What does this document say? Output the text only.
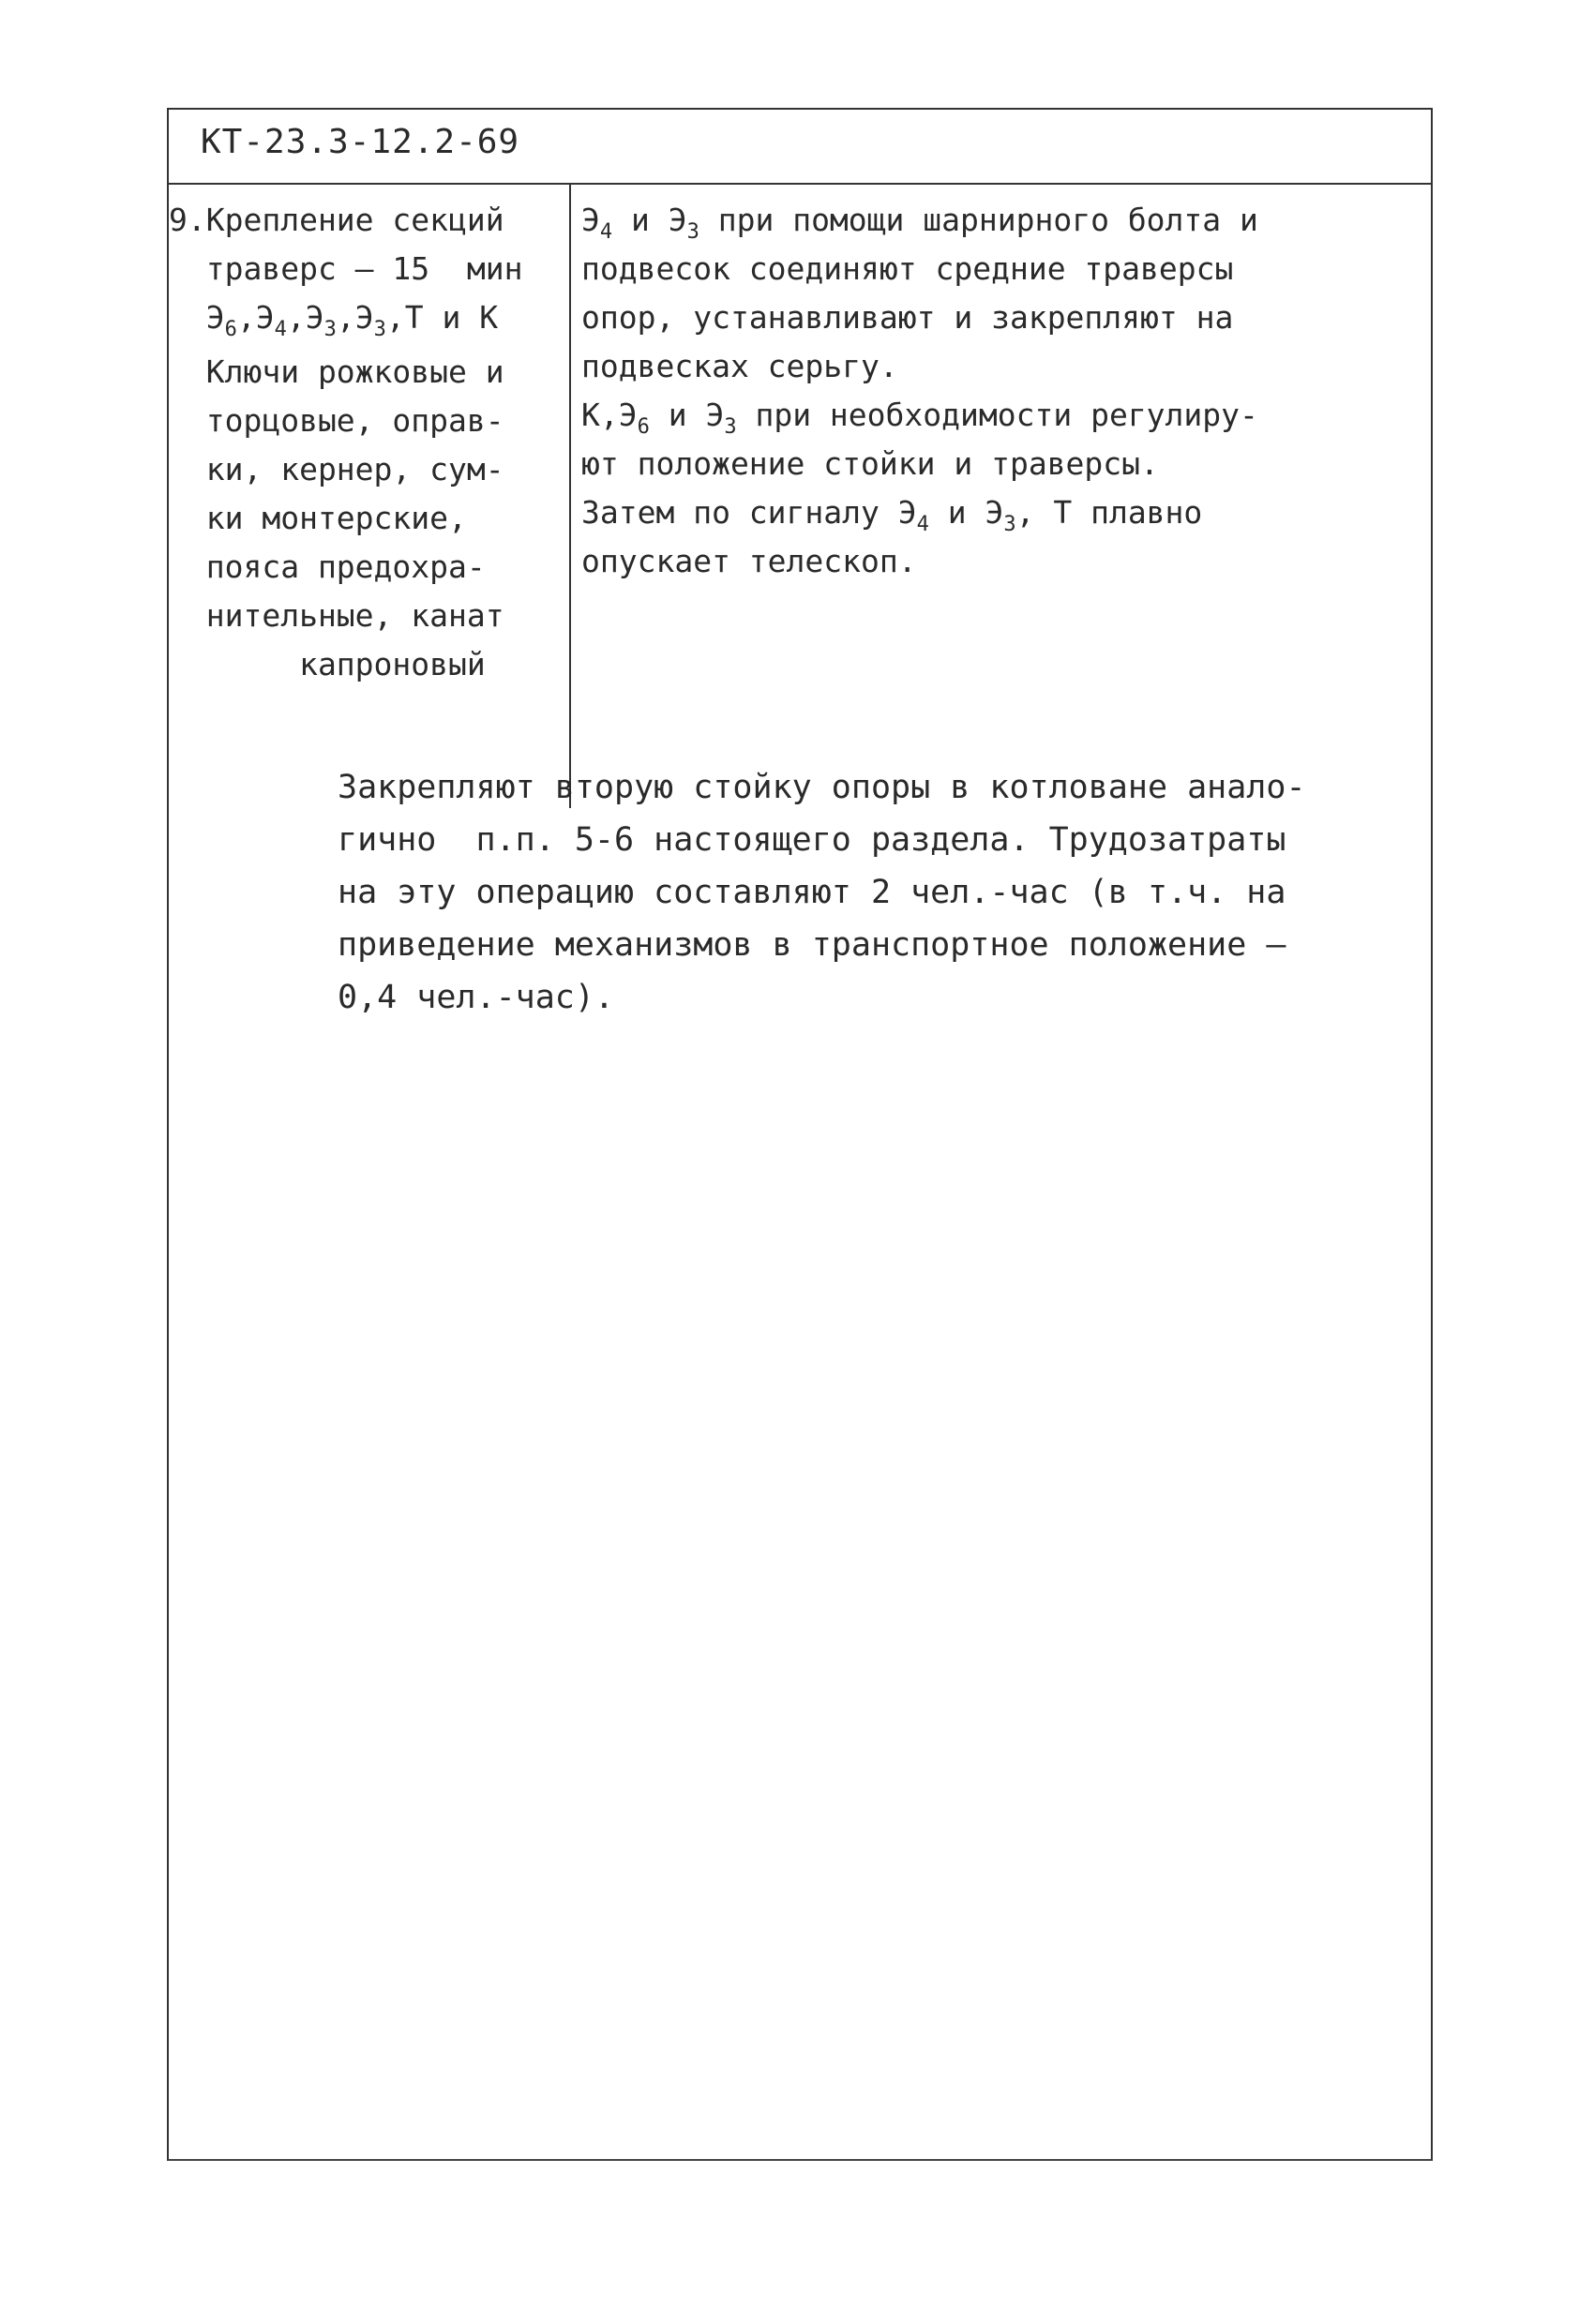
КТ-23.3-12.2-69
9.Крепление секций
траверс – 15  мин
$Э_6,Э_4,Э_3,Э_3,Т$ и К
Ключи рожковые и
торцовые, оправ-
ки, кернер, сум-
ки монтерские,
пояса предохра-
нительные, канат
капроновый
$Э_4$ и $Э_3$ при помощи шарнирного болта и
подвесок соединяют средние траверсы
опор, устанавливают и закрепляют на
подвесках серьгу.
$К,Э_6$ и $Э_3$ при необходимости регулиру-
ют положение стойки и траверсы.
Затем по сигналу $Э_4$ и $Э_3$, Т плавно
опускает телескоп.
Закрепляют вторую стойку опоры в котловане анало-
гично  п.п. 5-6 настоящего раздела. Трудозатраты
на эту операцию составляют 2 чел.-час (в т.ч. на
приведение механизмов в транспортное положение –
0,4 чел.-час).
